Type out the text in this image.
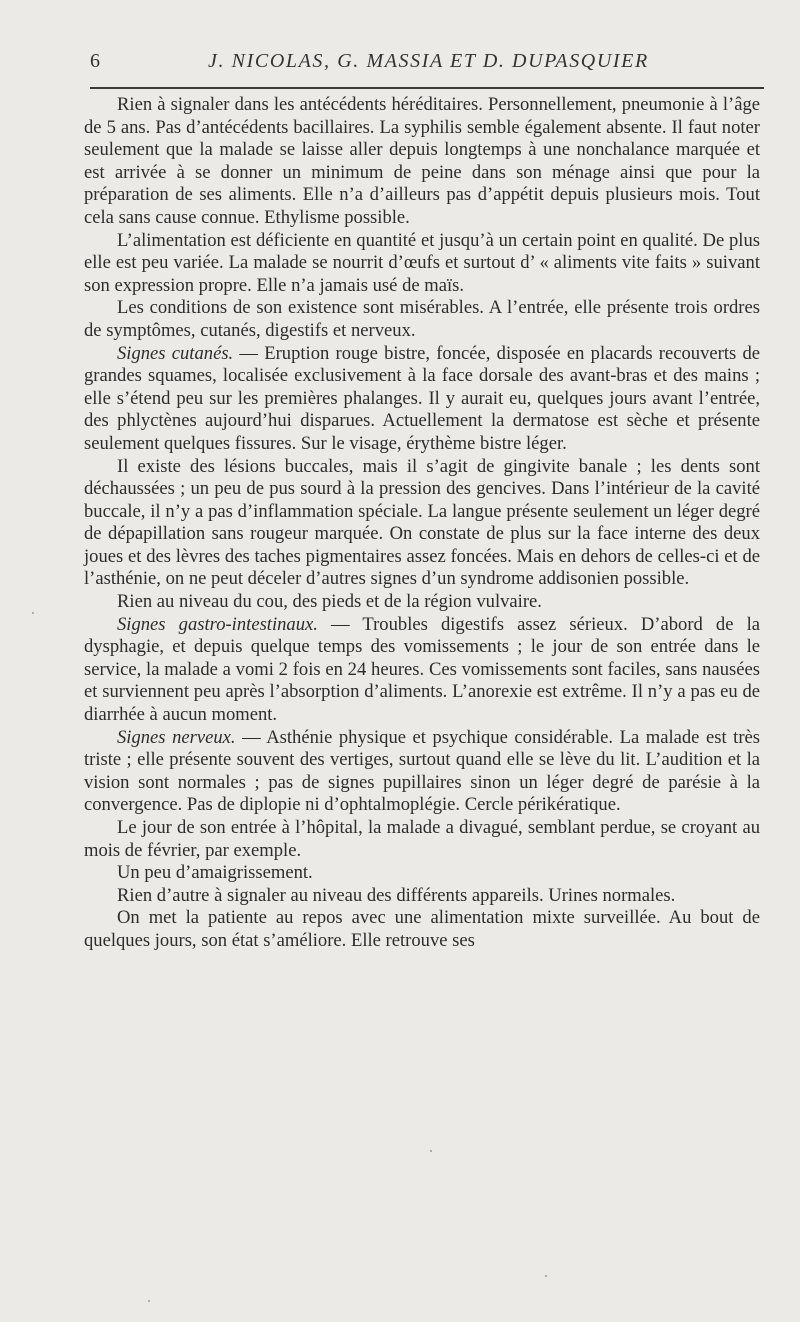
6	J. NICOLAS, G. MASSIA ET D. DUPASQUIER

Rien à signaler dans les antécédents héréditaires. Personnellement, pneumonie à l’âge de 5 ans. Pas d’antécédents bacillaires. La syphilis semble également absente. Il faut noter seulement que la malade se laisse aller depuis longtemps à une nonchalance marquée et est arrivée à se donner un minimum de peine dans son ménage ainsi que pour la préparation de ses aliments. Elle n’a d’ailleurs pas d’appétit depuis plusieurs mois. Tout cela sans cause connue. Ethylisme possible.

L’alimentation est déficiente en quantité et jusqu’à un certain point en qualité. De plus elle est peu variée. La malade se nourrit d’œufs et surtout d’ « aliments vite faits » suivant son expression propre. Elle n’a jamais usé de maïs.

Les conditions de son existence sont misérables. A l’entrée, elle présente trois ordres de symptômes, cutanés, digestifs et nerveux.

Signes cutanés. — Eruption rouge bistre, foncée, disposée en placards recouverts de grandes squames, localisée exclusivement à la face dorsale des avant-bras et des mains ; elle s’étend peu sur les premières phalanges. Il y aurait eu, quelques jours avant l’entrée, des phlyctènes aujourd’hui disparues. Actuellement la dermatose est sèche et présente seulement quelques fissures. Sur le visage, érythème bistre léger.

Il existe des lésions buccales, mais il s’agit de gingivite banale ; les dents sont déchaussées ; un peu de pus sourd à la pression des gencives. Dans l’intérieur de la cavité buccale, il n’y a pas d’inflammation spéciale. La langue présente seulement un léger degré de dépapillation sans rougeur marquée. On constate de plus sur la face interne des deux joues et des lèvres des taches pigmentaires assez foncées. Mais en dehors de celles-ci et de l’asthénie, on ne peut déceler d’autres signes d’un syndrome addisonien possible.

Rien au niveau du cou, des pieds et de la région vulvaire.

Signes gastro-intestinaux. — Troubles digestifs assez sérieux. D’abord de la dysphagie, et depuis quelque temps des vomissements ; le jour de son entrée dans le service, la malade a vomi 2 fois en 24 heures. Ces vomissements sont faciles, sans nausées et surviennent peu après l’absorption d’aliments. L’anorexie est extrême. Il n’y a pas eu de diarrhée à aucun moment.

Signes nerveux. — Asthénie physique et psychique considérable. La malade est très triste ; elle présente souvent des vertiges, surtout quand elle se lève du lit. L’audition et la vision sont normales ; pas de signes pupillaires sinon un léger degré de parésie à la convergence. Pas de diplopie ni d’ophtalmoplégie. Cercle périkératique.

Le jour de son entrée à l’hôpital, la malade a divagué, semblant perdue, se croyant au mois de février, par exemple.

Un peu d’amaigrissement.

Rien d’autre à signaler au niveau des différents appareils. Urines normales.

On met la patiente au repos avec une alimentation mixte surveillée. Au bout de quelques jours, son état s’améliore. Elle retrouve ses
